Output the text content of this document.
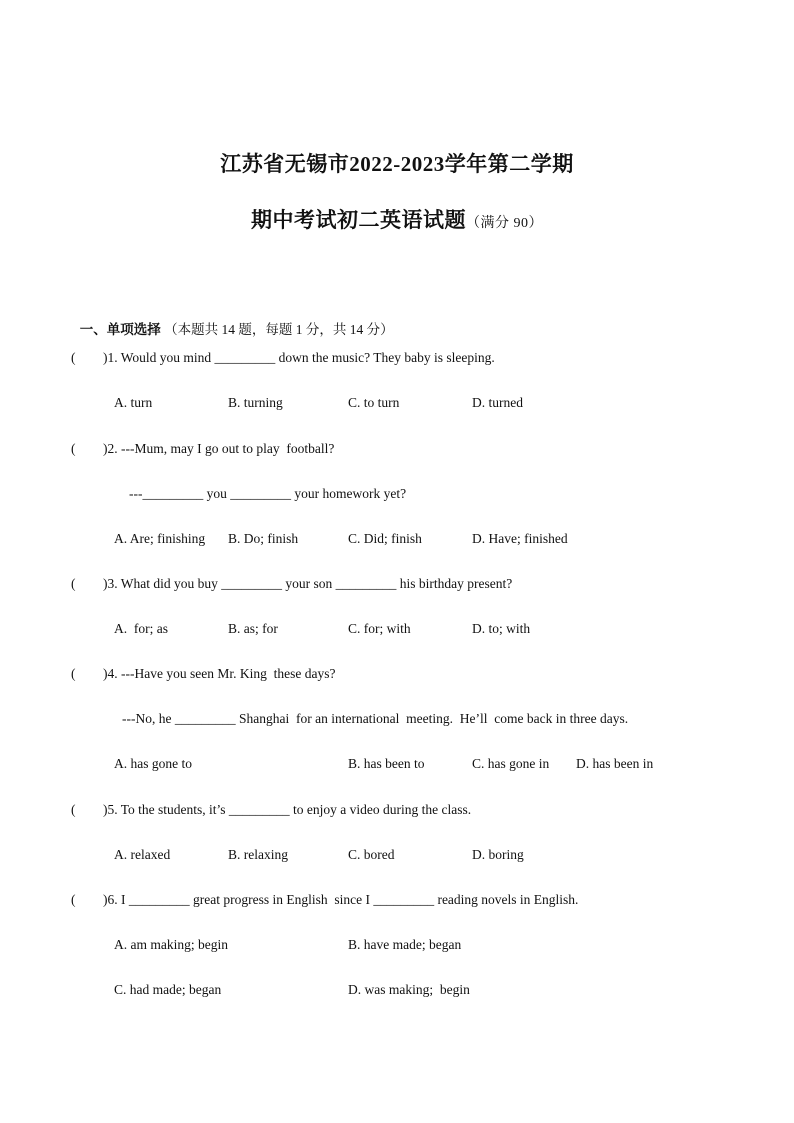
江苏省无锡市2022-2023学年第二学期
期中考试初二英语试题（满分 90）

一、单项选择 （本题共 14 题，每题 1 分，共 14 分）

( )1. Would you mind _________ down the music? They baby is sleeping.
A. turn	B. turning	C. to turn	D. turned
( )2. ---Mum, may I go out to play  football?
---_________ you _________ your homework yet?
A. Are; finishing B. Do; finish	C. Did; finish	D. Have; finished
( )3. What did you buy _________ your son _________ his birthday present?
A.  for; as	B. as; for	C. for; with	D. to; with
( )4. ---Have you seen Mr. King  these days?
---No, he _________ Shanghai  for an international  meeting.  He’ll  come back in three days.
A. has gone to	B. has been to	C. has gone in D. has been in
( )5. To the students, it’s _________ to enjoy a video during the class.
A. relaxed	B. relaxing	C. bored	D. boring
( )6. I _________ great progress in English  since I _________ reading novels in English.
A. am making; begin	B. have made; began
C. had made; began	D. was making;  begin
